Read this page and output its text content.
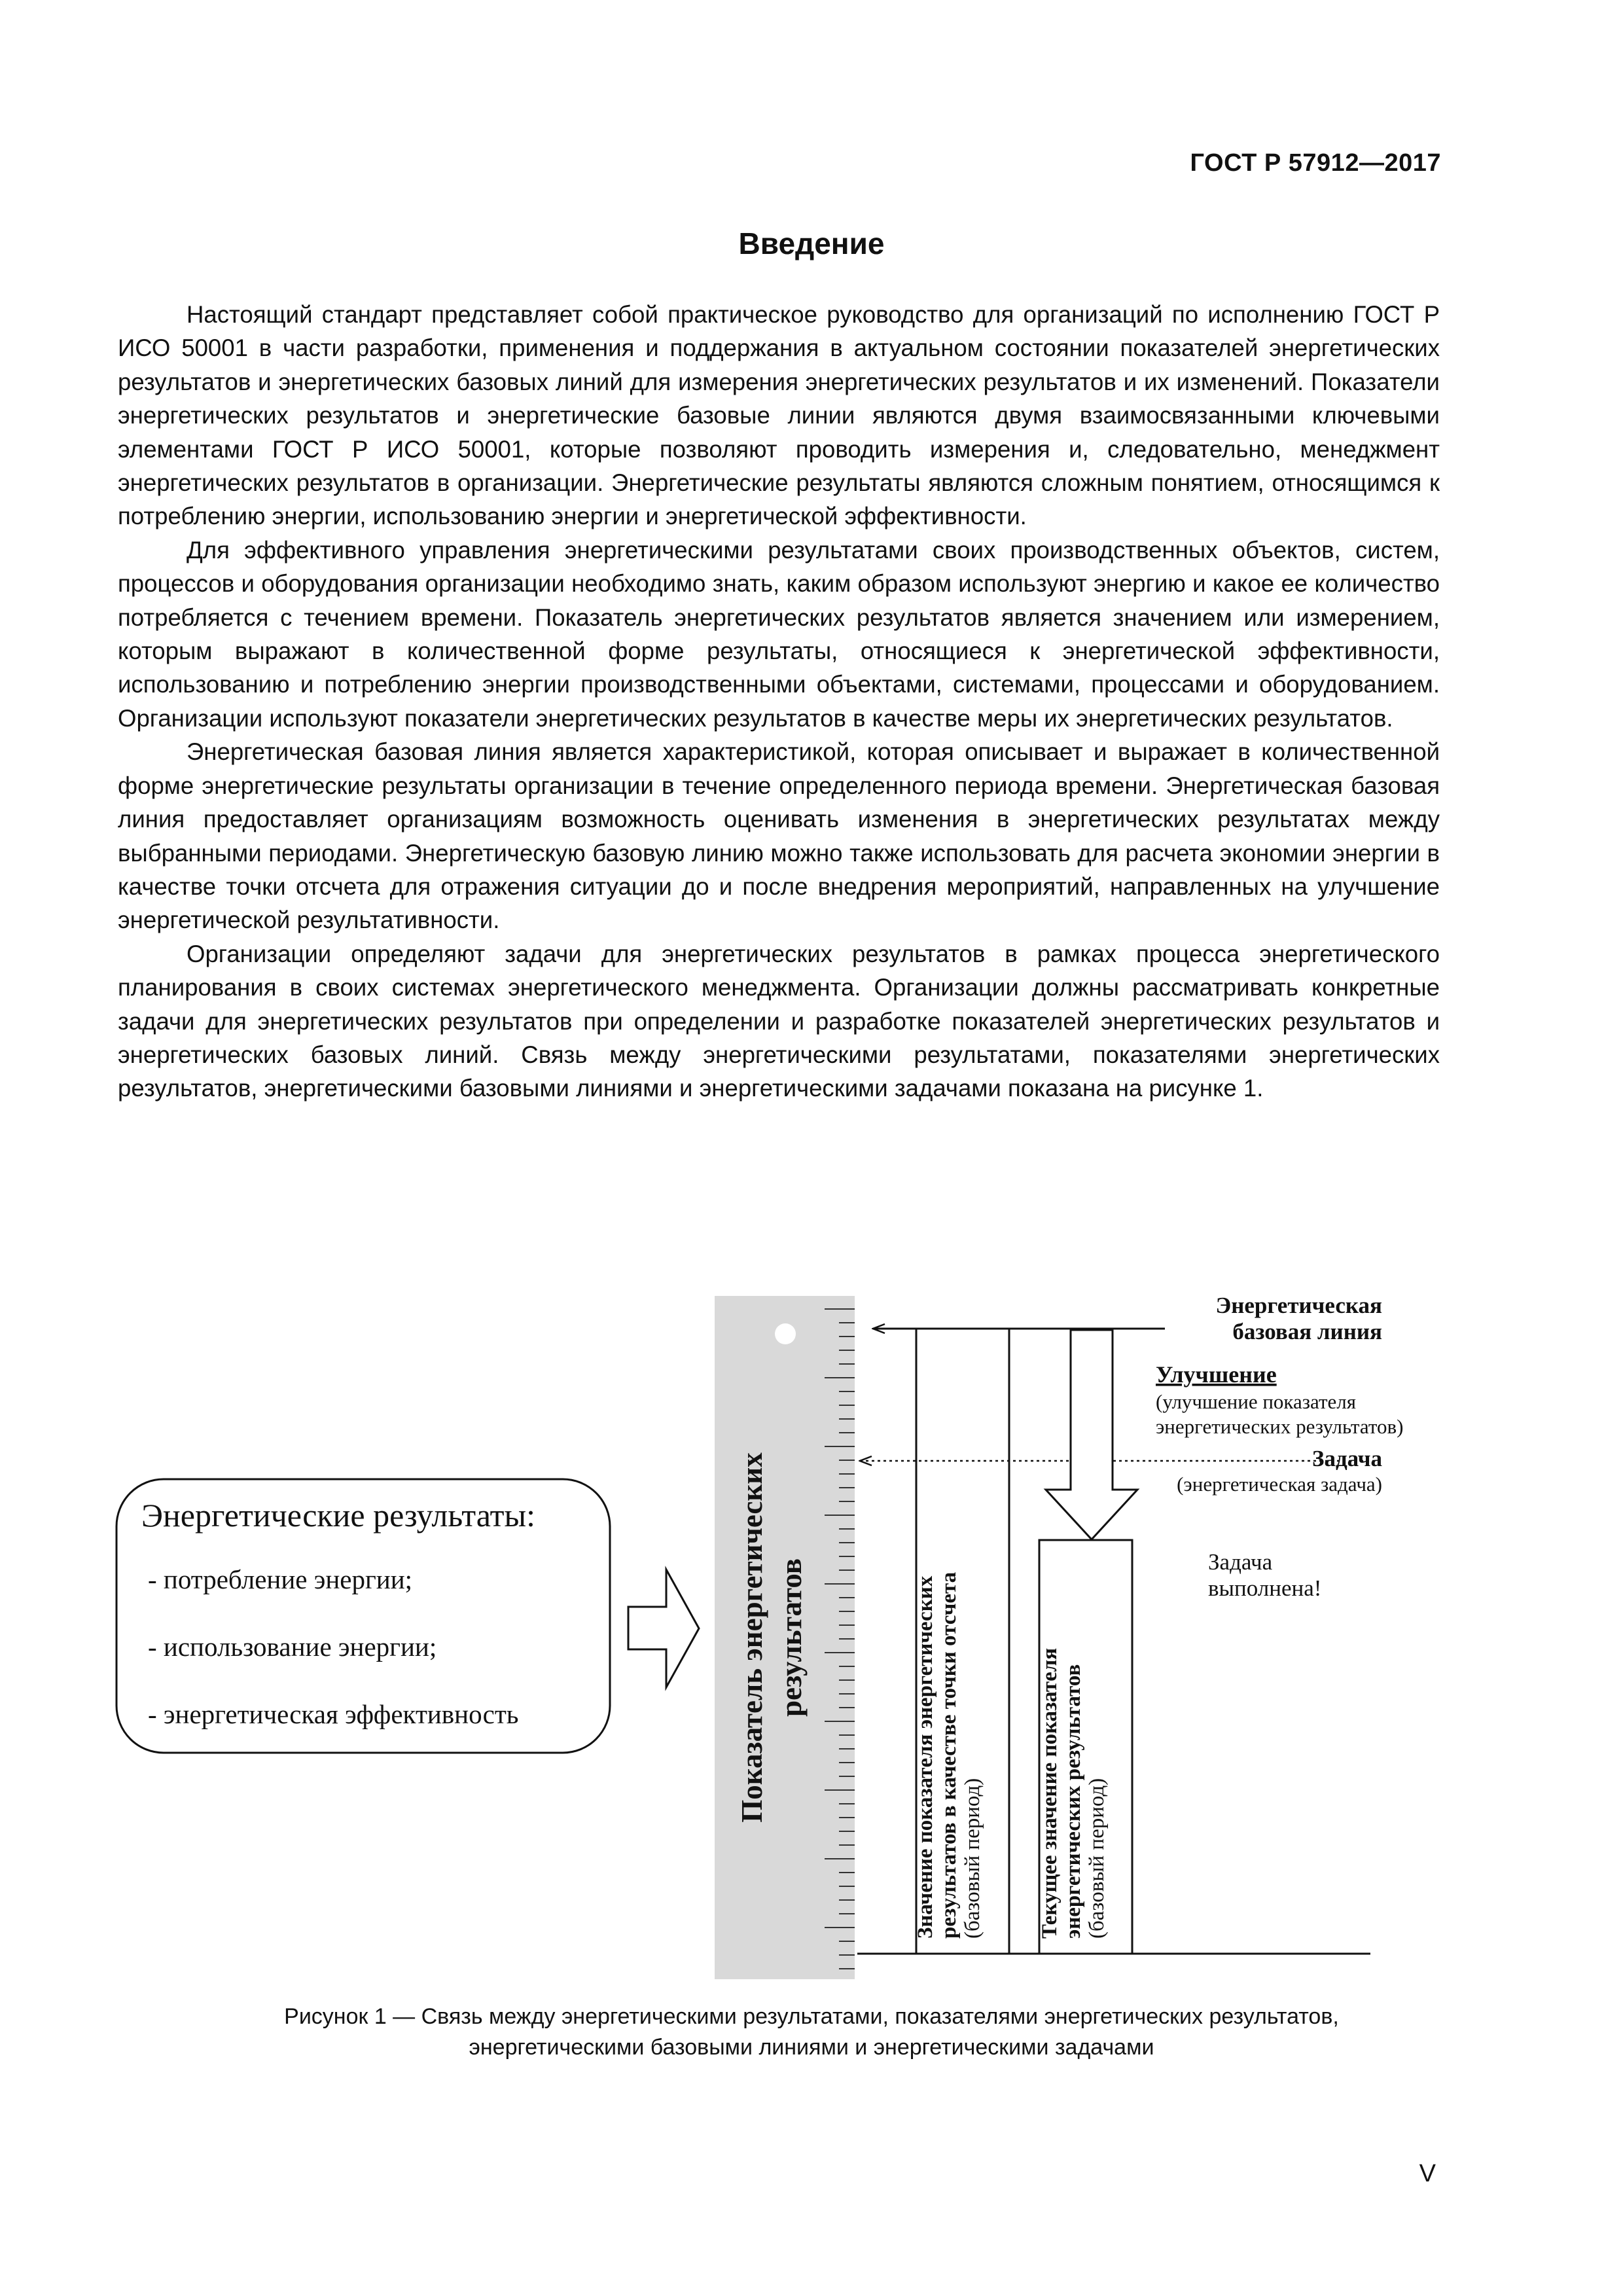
ГОСТ Р 57912—2017
Введение

Настоящий стандарт представляет собой практическое руководство для организаций по исполнению ГОСТ Р ИСО 50001 в части разработки, применения и поддержания в актуальном состоянии показателей энергетических результатов и энергетических базовых линий для измерения энергетических результатов и их изменений. Показатели энергетических результатов и энергетические базовые линии являются двумя взаимосвязанными ключевыми элементами ГОСТ Р ИСО 50001, которые позволяют проводить измерения и, следовательно, менеджмент энергетических результатов в организации. Энергетические результаты являются сложным понятием, относящимся к потреблению энергии, использованию энергии и энергетической эффективности.

Для эффективного управления энергетическими результатами своих производственных объектов, систем, процессов и оборудования организации необходимо знать, каким образом используют энергию и какое ее количество потребляется с течением времени. Показатель энергетических результатов является значением или измерением, которым выражают в количественной форме результаты, относящиеся к энергетической эффективности, использованию и потреблению энергии производственными объектами, системами, процессами и оборудованием. Организации используют показатели энергетических результатов в качестве меры их энергетических результатов.

Энергетическая базовая линия является характеристикой, которая описывает и выражает в количественной форме энергетические результаты организации в течение определенного периода времени. Энергетическая базовая линия предоставляет организациям возможность оценивать изменения в энергетических результатах между выбранными периодами. Энергетическую базовую линию можно также использовать для расчета экономии энергии в качестве точки отсчета для отражения ситуации до и после внедрения мероприятий, направленных на улучшение энергетической результативности.

Организации определяют задачи для энергетических результатов в рамках процесса энергетического планирования в своих системах энергетического менеджмента. Организации должны рассматривать конкретные задачи для энергетических результатов при определении и разработке показателей энергетических результатов и энергетических базовых линий. Связь между энергетическими результатами, показателями энергетических результатов, энергетическими базовыми линиями и энергетическими задачами показана на рисунке 1.

Энергетические результаты:
- потребление энергии;
- использование энергии;
- энергетическая эффективность	Показатель энергетических результатов	Значение показателя энергетических результатов в качестве точки отсчета (базовый период) Текущее значение показателя энергетических результатов (базовый период)
Энергетическая
базовая линия
Улучшение
(улучшение показателя
энергетических результатов)
Задача
(энергетическая задача)
Задача
выполнена!
Рисунок 1 — Связь между энергетическими результатами, показателями энергетических результатов,
энергетическими базовыми линиями и энергетическими задачами
V
